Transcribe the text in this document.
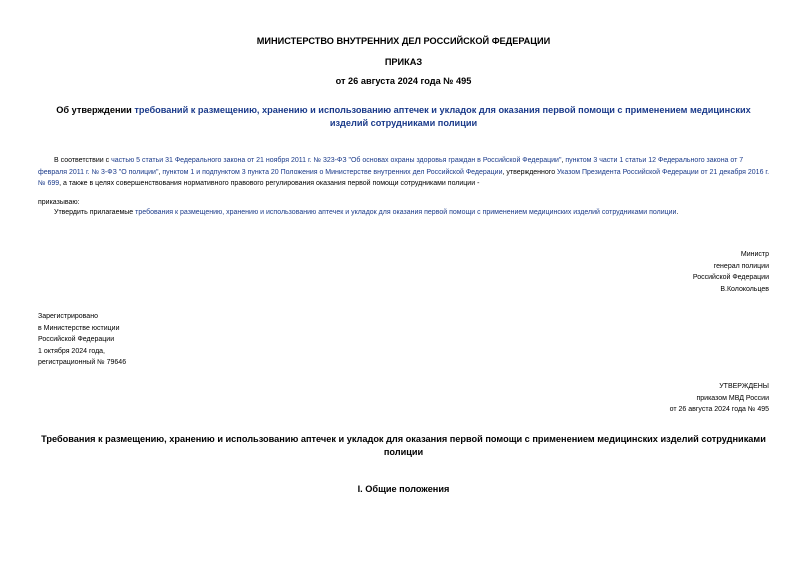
МИНИСТЕРСТВО ВНУТРЕННИХ ДЕЛ РОССИЙСКОЙ ФЕДЕРАЦИИ
ПРИКАЗ
от 26 августа 2024 года № 495
Об утверждении требований к размещению, хранению и использованию аптечек и укладок для оказания первой помощи с применением медицинских изделий сотрудниками полиции
В соответствии с частью 5 статьи 31 Федерального закона от 21 ноября 2011 г. № 323-ФЗ "Об основах охраны здоровья граждан в Российской Федерации", пунктом 3 части 1 статьи 12 Федерального закона от 7 февраля 2011 г. № 3-ФЗ "О полиции", пунктом 1 и подпунктом 3 пункта 20 Положения о Министерстве внутренних дел Российской Федерации, утвержденного Указом Президента Российской Федерации от 21 декабря 2016 г. № 699, а также в целях совершенствования нормативного правового регулирования оказания первой помощи сотрудниками полиции -
приказываю:
Утвердить прилагаемые требования к размещению, хранению и использованию аптечек и укладок для оказания первой помощи с применением медицинских изделий сотрудниками полиции.
Министр
генерал полиции
Российской Федерации
В.Колокольцев
Зарегистрировано
в Министерстве юстиции
Российской Федерации
1 октября 2024 года,
регистрационный № 79646
УТВЕРЖДЕНЫ
приказом МВД России
от 26 августа 2024 года № 495
Требования к размещению, хранению и использованию аптечек и укладок для оказания первой помощи с применением медицинских изделий сотрудниками полиции
I. Общие положения
